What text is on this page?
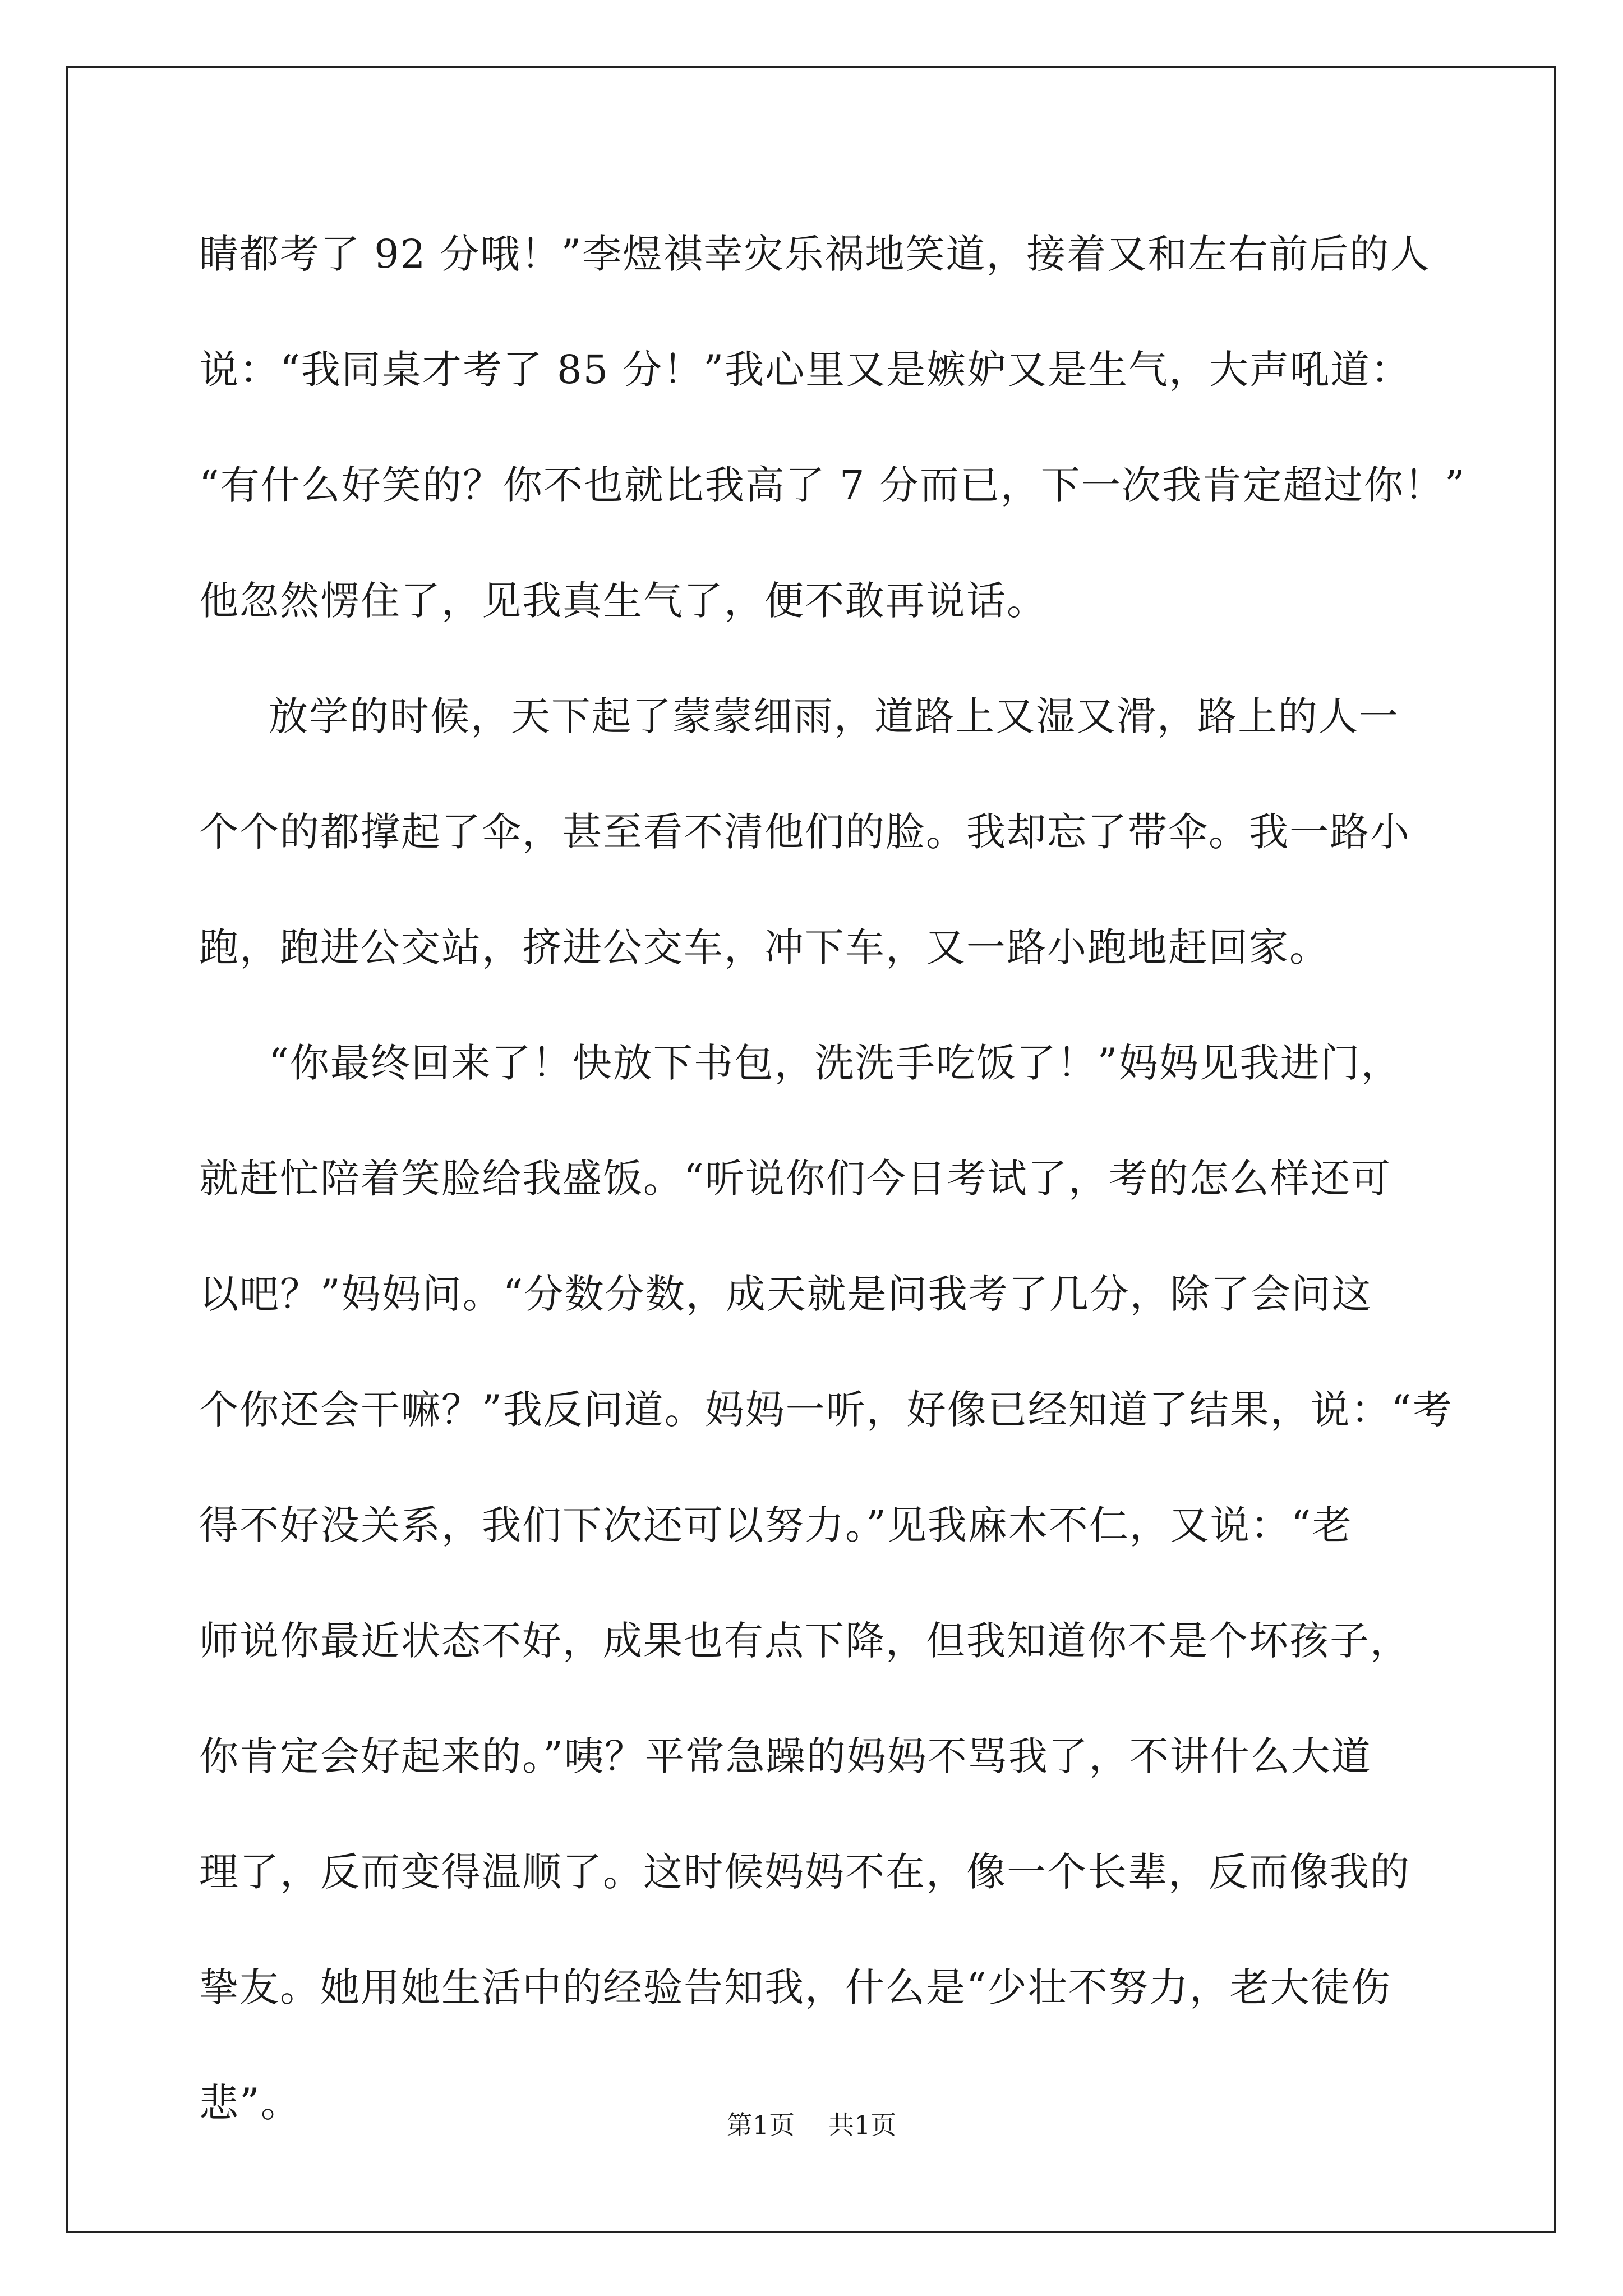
睛都考了 92 分哦！”李煜祺幸灾乐祸地笑道，接着又和左右前后的人
说：“我同桌才考了 85 分！”我心里又是嫉妒又是生气，大声吼道：
“有什么好笑的？你不也就比我高了 7 分而已，下一次我肯定超过你！”
他忽然愣住了，见我真生气了，便不敢再说话。
放学的时候，天下起了蒙蒙细雨，道路上又湿又滑，路上的人一
个个的都撑起了伞，甚至看不清他们的脸。我却忘了带伞。我一路小
跑，跑进公交站，挤进公交车，冲下车，又一路小跑地赶回家。
“你最终回来了！快放下书包，洗洗手吃饭了！”妈妈见我进门，
就赶忙陪着笑脸给我盛饭。“听说你们今日考试了，考的怎么样还可
以吧？”妈妈问。“分数分数，成天就是问我考了几分，除了会问这
个你还会干嘛？”我反问道。妈妈一听，好像已经知道了结果，说：“考
得不好没关系，我们下次还可以努力。”见我麻木不仁，又说：“老
师说你最近状态不好，成果也有点下降，但我知道你不是个坏孩子，
你肯定会好起来的。”咦？平常急躁的妈妈不骂我了，不讲什么大道
理了，反而变得温顺了。这时候妈妈不在，像一个长辈，反而像我的
挚友。她用她生活中的经验告知我，什么是“少壮不努力，老大徒伤
悲”。	第1页 共1页
